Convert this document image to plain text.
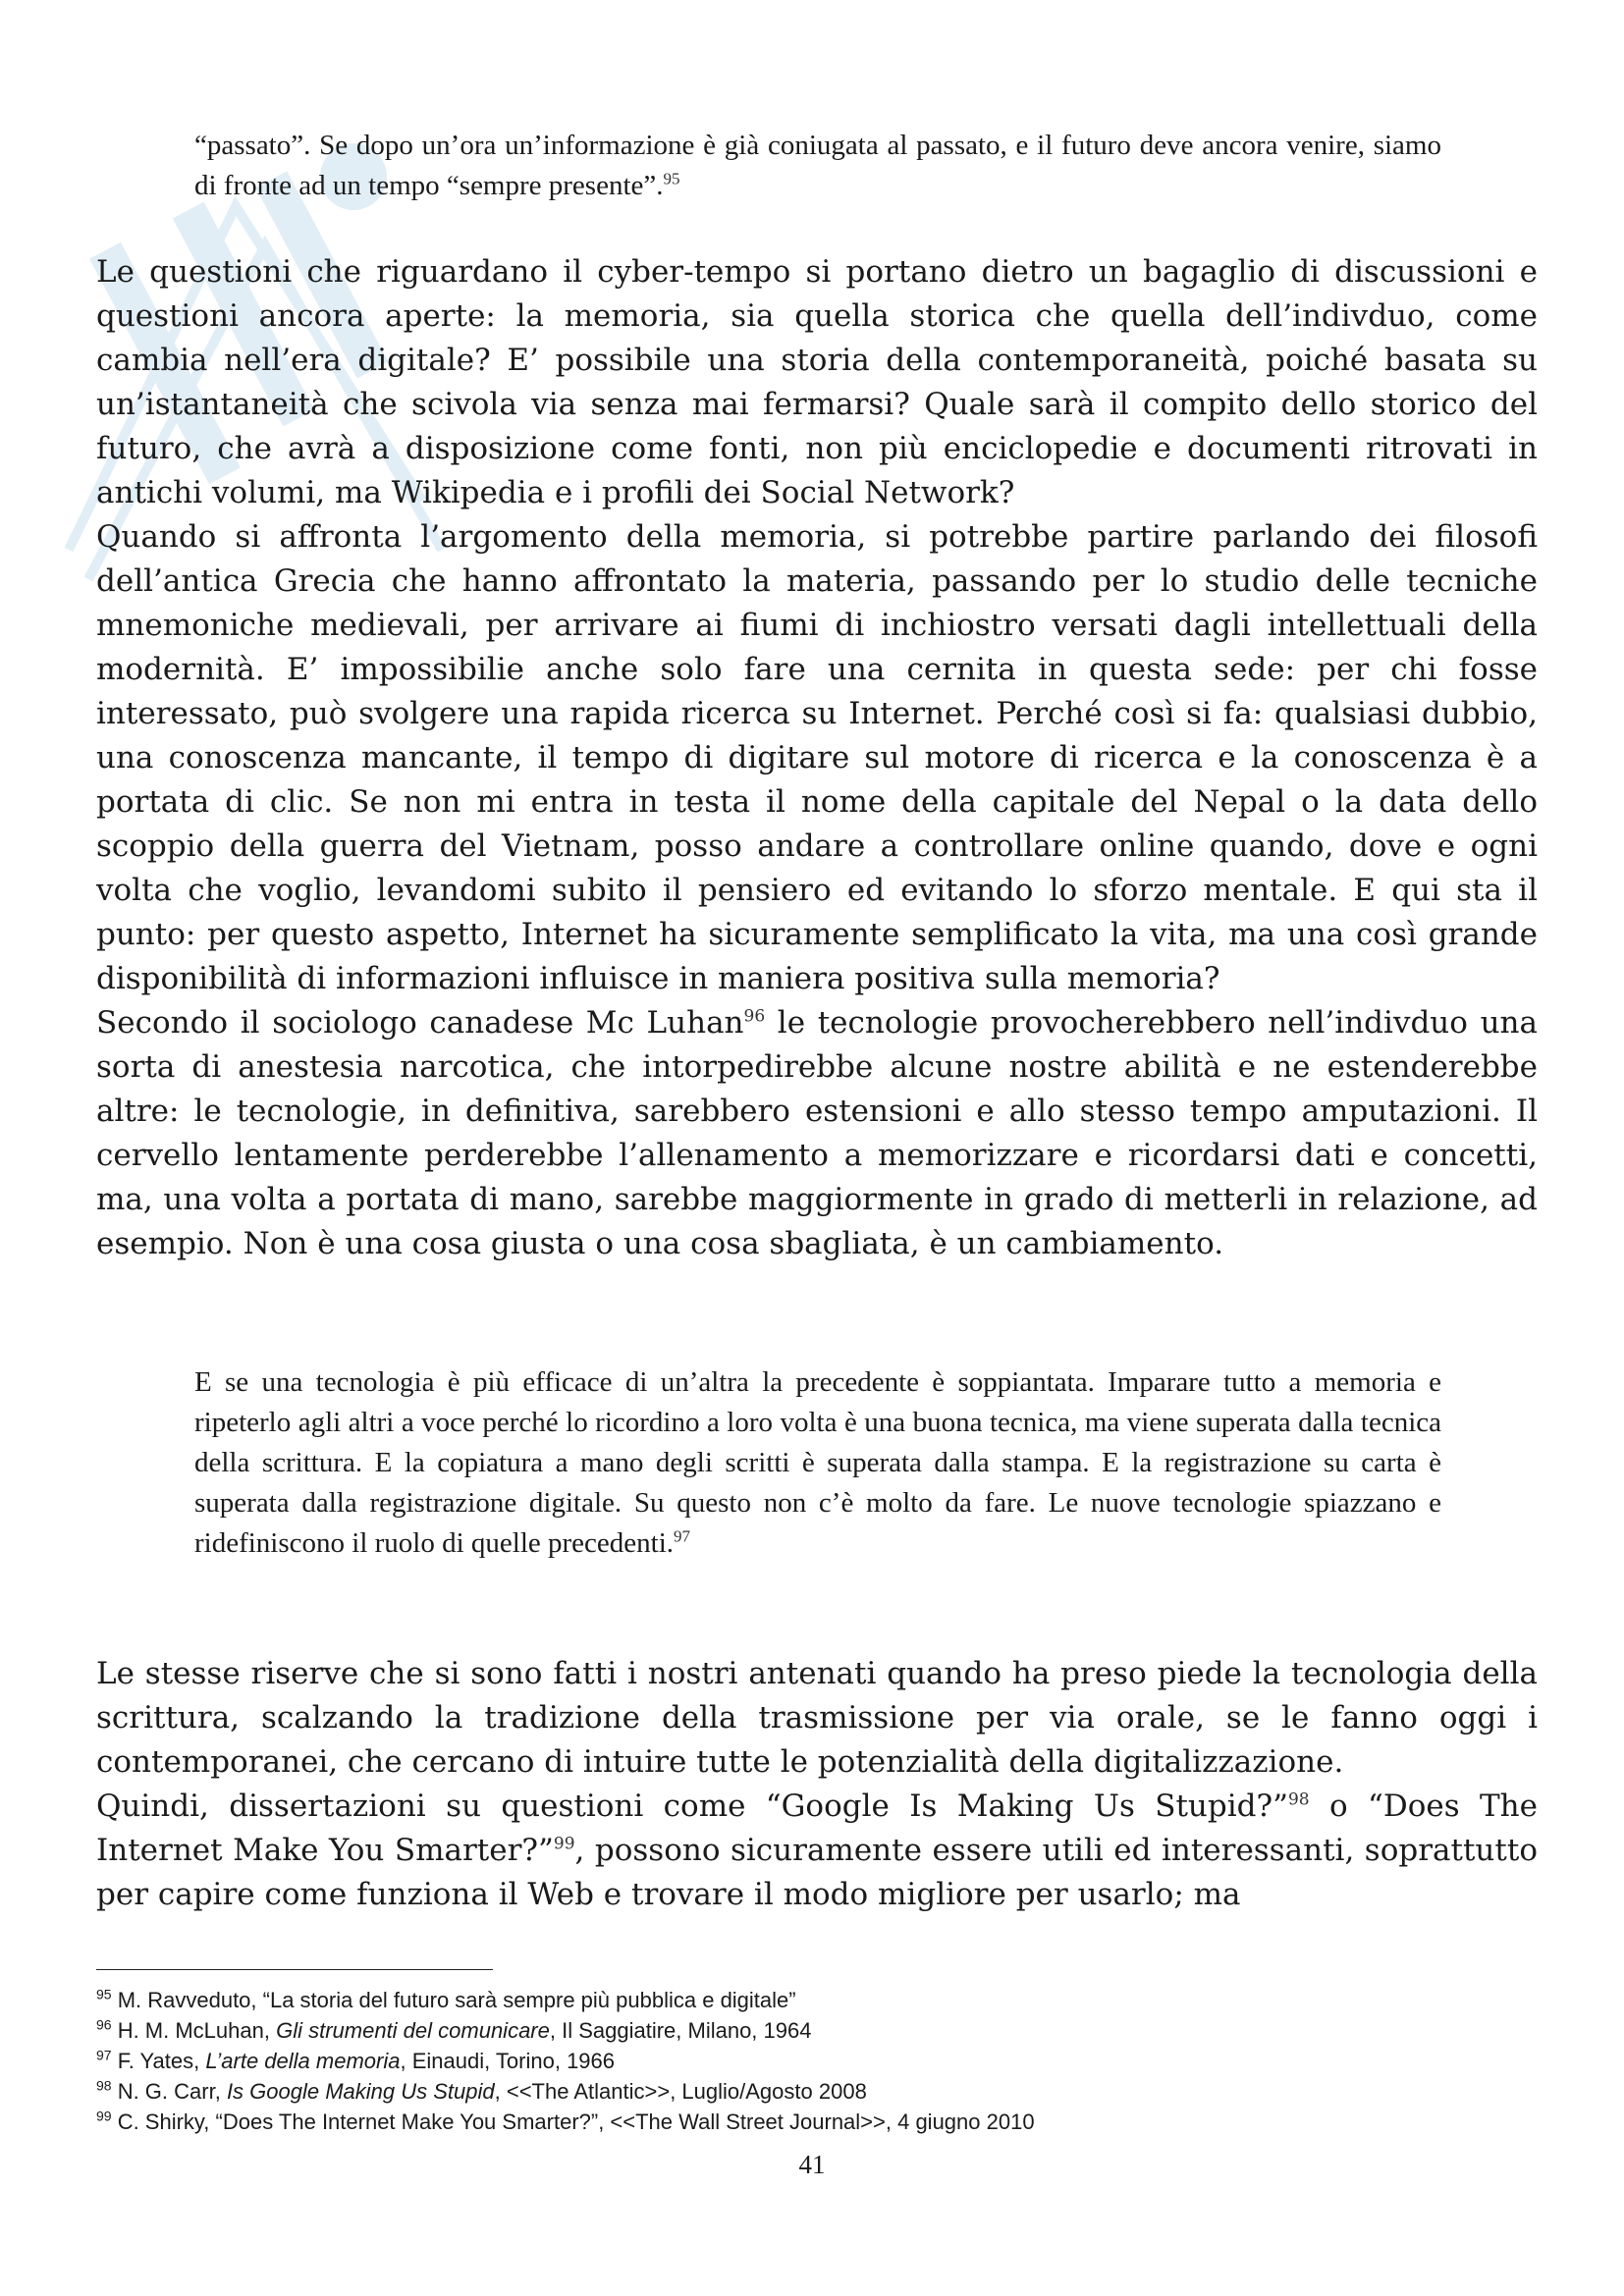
“passato”. Se dopo un’ora un’informazione è già coniugata al passato, e il futuro deve ancora venire, siamo di fronte ad un tempo “sempre presente”.$^{95}$

Le questioni che riguardano il cyber-tempo si portano dietro un bagaglio di discussioni e questioni ancora aperte: la memoria, sia quella storica che quella dell’indivduo, come cambia nell’era digitale? E’ possibile una storia della contemporaneità, poiché basata su un’istantaneità che scivola via senza mai fermarsi? Quale sarà il compito dello storico del futuro, che avrà a disposizione come fonti, non più enciclopedie e documenti ritrovati in antichi volumi, ma Wikipedia e i profili dei Social Network?

Quando si affronta l’argomento della memoria, si potrebbe partire parlando dei filosofi dell’antica Grecia che hanno affrontato la materia, passando per lo studio delle tecniche mnemoniche medievali, per arrivare ai fiumi di inchiostro versati dagli intellettuali della modernità. E’ impossibilie anche solo fare una cernita in questa sede: per chi fosse interessato, può svolgere una rapida ricerca su Internet. Perché così si fa: qualsiasi dubbio, una conoscenza mancante, il tempo di digitare sul motore di ricerca e la conoscenza è a portata di clic. Se non mi entra in testa il nome della capitale del Nepal o la data dello scoppio della guerra del Vietnam, posso andare a controllare online quando, dove e ogni volta che voglio, levandomi subito il pensiero ed evitando lo sforzo mentale. E qui sta il punto: per questo aspetto, Internet ha sicuramente semplificato la vita, ma una così grande disponibilità di informazioni influisce in maniera positiva sulla memoria?

Secondo il sociologo canadese Mc Luhan$^{96}$ le tecnologie provocherebbero nell’indivduo una sorta di anestesia narcotica, che intorpedirebbe alcune nostre abilità e ne estenderebbe altre: le tecnologie, in definitiva, sarebbero estensioni e allo stesso tempo amputazioni. Il cervello lentamente perderebbe l’allenamento a memorizzare e ricordarsi dati e concetti, ma, una volta a portata di mano, sarebbe maggiormente in grado di metterli in relazione, ad esempio. Non è una cosa giusta o una cosa sbagliata, è un cambiamento.

E se una tecnologia è più efficace di un’altra la precedente è soppiantata. Imparare tutto a memoria e ripeterlo agli altri a voce perché lo ricordino a loro volta è una buona tecnica, ma viene superata dalla tecnica della scrittura. E la copiatura a mano degli scritti è superata dalla stampa. E la registrazione su carta è superata dalla registrazione digitale. Su questo non c’è molto da fare. Le nuove tecnologie spiazzano e ridefiniscono il ruolo di quelle precedenti.$^{97}$

Le stesse riserve che si sono fatti i nostri antenati quando ha preso piede la tecnologia della scrittura, scalzando la tradizione della trasmissione per via orale, se le fanno oggi i contemporanei, che cercano di intuire tutte le potenzialità della digitalizzazione.

Quindi, dissertazioni su questioni come “Google Is Making Us Stupid?”$^{98}$ o “Does The Internet Make You Smarter?”$^{99}$, possono sicuramente essere utili ed interessanti, soprattutto per capire come funziona il Web e trovare il modo migliore per usarlo; ma

$^{95}$ M. Ravveduto, “La storia del futuro sarà sempre più pubblica e digitale”
$^{96}$ H. M. McLuhan, Gli strumenti del comunicare, Il Saggiatire, Milano, 1964
$^{97}$ F. Yates, L’arte della memoria, Einaudi, Torino, 1966
$^{98}$ N. G. Carr, Is Google Making Us Stupid, <<The Atlantic>>, Luglio/Agosto 2008
$^{99}$ C. Shirky, “Does The Internet Make You Smarter?”, <<The Wall Street Journal>>, 4 giugno 2010
41
